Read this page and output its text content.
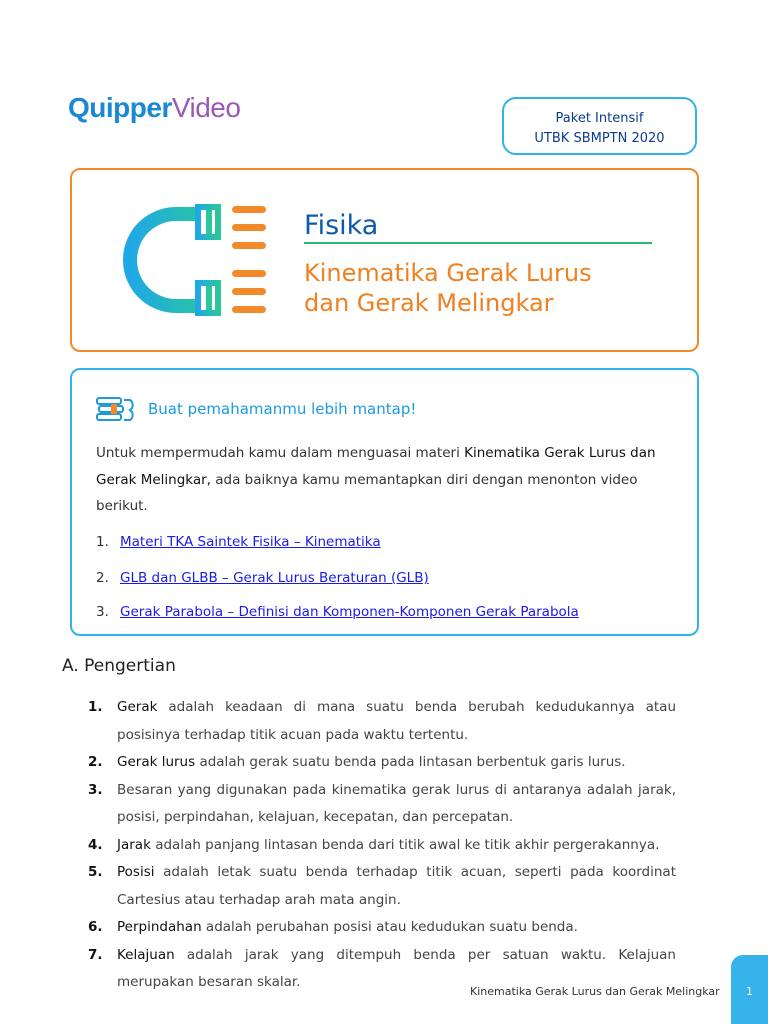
QuipperVideo	Paket Intensif
UTBK SBMPTN 2020
Fisika
Kinematika Gerak Lurus
dan Gerak Melingkar
Buat pemahamanmu lebih mantap!
Untuk mempermudah kamu dalam menguasai materi Kinematika Gerak Lurus dan Gerak Melingkar, ada baiknya kamu memantapkan diri dengan menonton video berikut.
1. Materi TKA Saintek Fisika – Kinematika
2. GLB dan GLBB – Gerak Lurus Beraturan (GLB)
3. Gerak Parabola – Definisi dan Komponen-Komponen Gerak Parabola
A. Pengertian
1. Gerak adalah keadaan di mana suatu benda berubah kedudukannya atau posisinya terhadap titik acuan pada waktu tertentu.
2. Gerak lurus adalah gerak suatu benda pada lintasan berbentuk garis lurus.
3. Besaran yang digunakan pada kinematika gerak lurus di antaranya adalah jarak, posisi, perpindahan, kelajuan, kecepatan, dan percepatan.
4. Jarak adalah panjang lintasan benda dari titik awal ke titik akhir pergerakannya.
5. Posisi adalah letak suatu benda terhadap titik acuan, seperti pada koordinat Cartesius atau terhadap arah mata angin.
6. Perpindahan adalah perubahan posisi atau kedudukan suatu benda.
7. Kelajuan adalah jarak yang ditempuh benda per satuan waktu. Kelajuan merupakan besaran skalar.
Kinematika Gerak Lurus dan Gerak Melingkar	1
